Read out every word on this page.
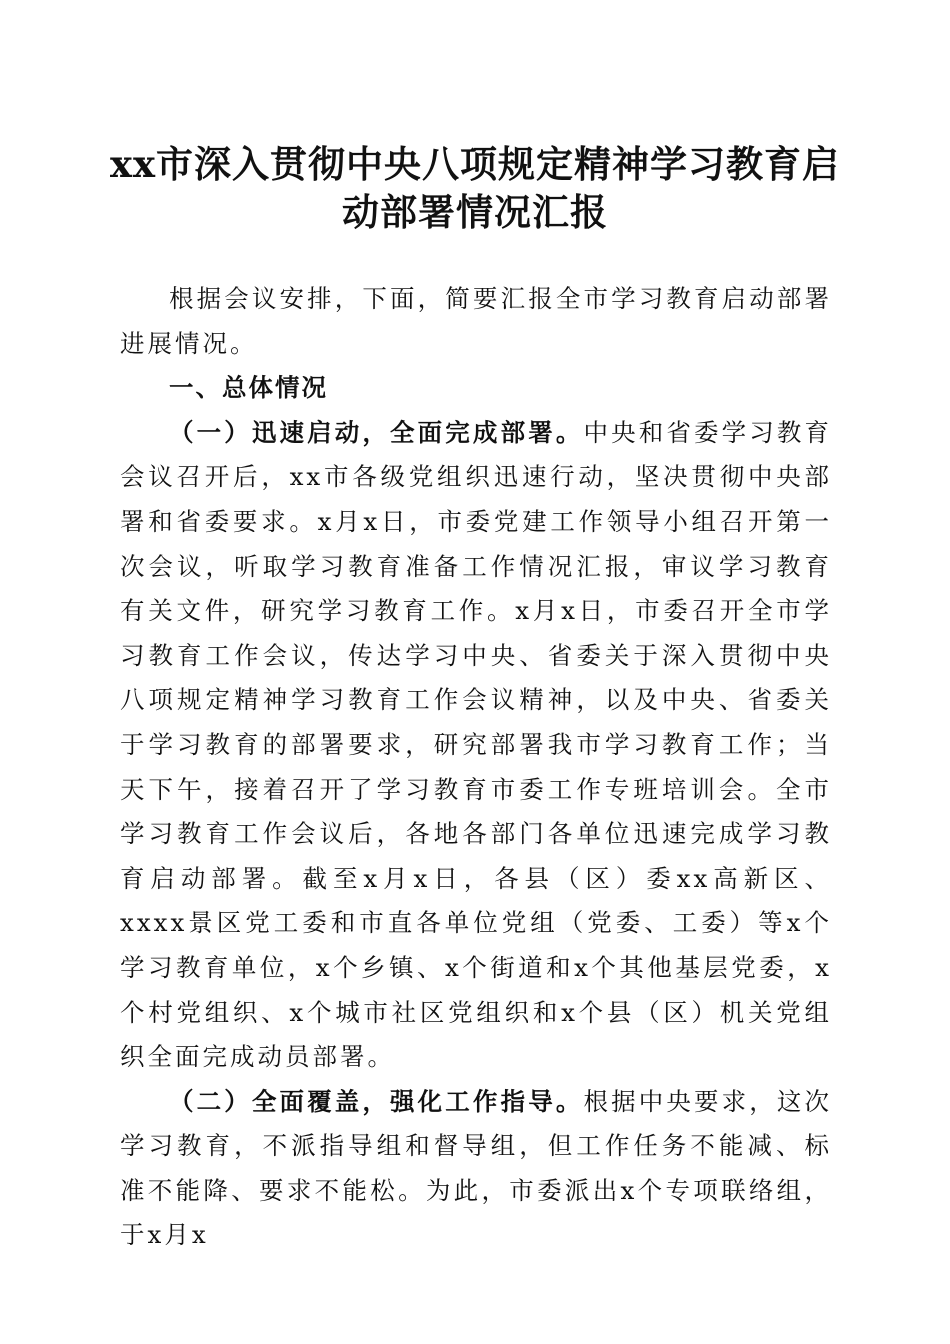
xx市深入贯彻中央八项规定精神学习教育启动部署情况汇报

根据会议安排，下面，简要汇报全市学习教育启动部署进展情况。

一、总体情况

（一）迅速启动，全面完成部署。中央和省委学习教育会议召开后，xx市各级党组织迅速行动，坚决贯彻中央部署和省委要求。x月x日，市委党建工作领导小组召开第一次会议，听取学习教育准备工作情况汇报，审议学习教育有关文件，研究学习教育工作。x月x日，市委召开全市学习教育工作会议，传达学习中央、省委关于深入贯彻中央八项规定精神学习教育工作会议精神，以及中央、省委关于学习教育的部署要求，研究部署我市学习教育工作；当天下午，接着召开了学习教育市委工作专班培训会。全市学习教育工作会议后，各地各部门各单位迅速完成学习教育启动部署。截至x月x日，各县（区）委xx高新区、xxxx景区党工委和市直各单位党组（党委、工委）等x个学习教育单位，x个乡镇、x个街道和x个其他基层党委，x个村党组织、x个城市社区党组织和x个县（区）机关党组织全面完成动员部署。

（二）全面覆盖，强化工作指导。根据中央要求，这次学习教育，不派指导组和督导组，但工作任务不能减、标准不能降、要求不能松。为此，市委派出x个专项联络组，于x月x
